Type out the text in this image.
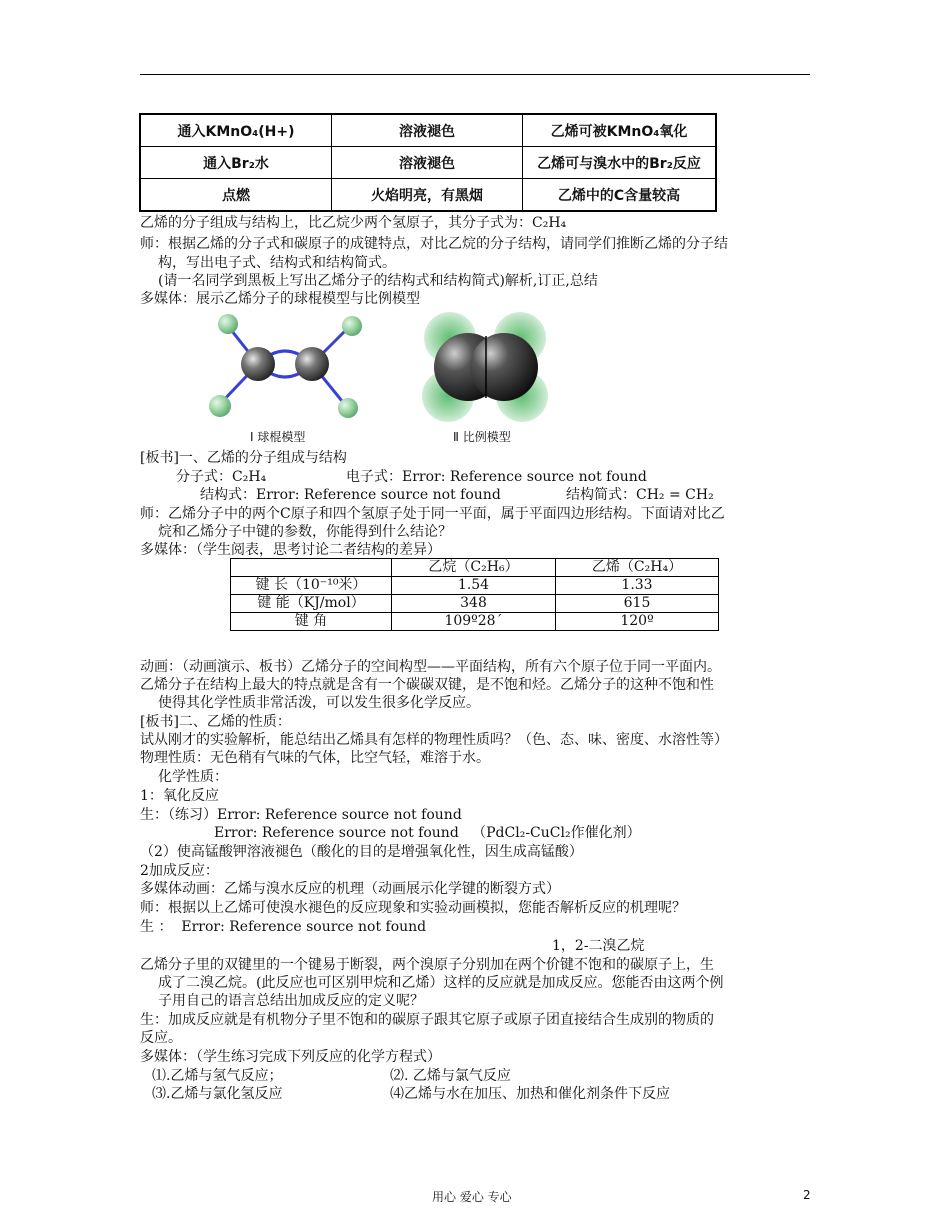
通入KMnO₄(H+)	溶液褪色	乙烯可被KMnO₄氧化
通入Br₂水	溶液褪色	乙烯可与溴水中的Br₂反应
点燃	火焰明亮，有黑烟	乙烯中的C含量较高
乙烯的分子组成与结构上，比乙烷少两个氢原子，其分子式为：C₂H₄
师：根据乙烯的分子式和碳原子的成键特点，对比乙烷的分子结构，请同学们推断乙烯的分子结
构，写出电子式、结构式和结构简式。
(请一名同学到黑板上写出乙烯分子的结构式和结构简式)解析,订正,总结
多媒体：展示乙烯分子的球棍模型与比例模型
Ⅰ 球棍模型	Ⅱ 比例模型
[板书]一、乙烯的分子组成与结构
分子式：C₂H₄	电子式：Error: Reference source not found
结构式：Error: Reference source not found	结构简式：CH₂ = CH₂
师：乙烯分子中的两个C原子和四个氢原子处于同一平面，属于平面四边形结构。下面请对比乙
烷和乙烯分子中键的参数，你能得到什么结论？
多媒体：（学生阅表，思考讨论二者结构的差异）
	乙烷（C₂H₆）	乙烯（C₂H₄）
键 长（10⁻¹⁰米）	1.54	1.33
键 能（KJ/mol）	348	615
键 角	109º28´	120º
动画：（动画演示、板书）乙烯分子的空间构型——平面结构，所有六个原子位于同一平面内。
乙烯分子在结构上最大的特点就是含有一个碳碳双键，是不饱和烃。乙烯分子的这种不饱和性
使得其化学性质非常活泼，可以发生很多化学反应。
[板书]二、乙烯的性质：
试从刚才的实验解析，能总结出乙烯具有怎样的物理性质吗？（色、态、味、密度、水溶性等）
物理性质：无色稍有气味的气体，比空气轻，难溶于水。
化学性质：
1：氧化反应
生：（练习）Error: Reference source not found
Error: Reference source not found   （PdCl₂-CuCl₂作催化剂）
（2）使高锰酸钾溶液褪色（酸化的目的是增强氧化性，因生成高锰酸）
2加成反应：
多媒体动画：乙烯与溴水反应的机理（动画展示化学键的断裂方式）
师：根据以上乙烯可使溴水褪色的反应现象和实验动画模拟，您能否解析反应的机理呢？
生 ：  Error: Reference source not found
1，2-二溴乙烷
乙烯分子里的双键里的一个键易于断裂，两个溴原子分别加在两个价键不饱和的碳原子上，生
成了二溴乙烷。(此反应也可区别甲烷和乙烯）这样的反应就是加成反应。您能否由这两个例
子用自己的语言总结出加成反应的定义呢？
生：加成反应就是有机物分子里不饱和的碳原子跟其它原子或原子团直接结合生成别的物质的
反应。
多媒体：（学生练习完成下列反应的化学方程式）
⑴.乙烯与氢气反应；	⑵. 乙烯与氯气反应
⑶.乙烯与氯化氢反应	⑷乙烯与水在加压、加热和催化剂条件下反应
用心 爱心 专心	2
